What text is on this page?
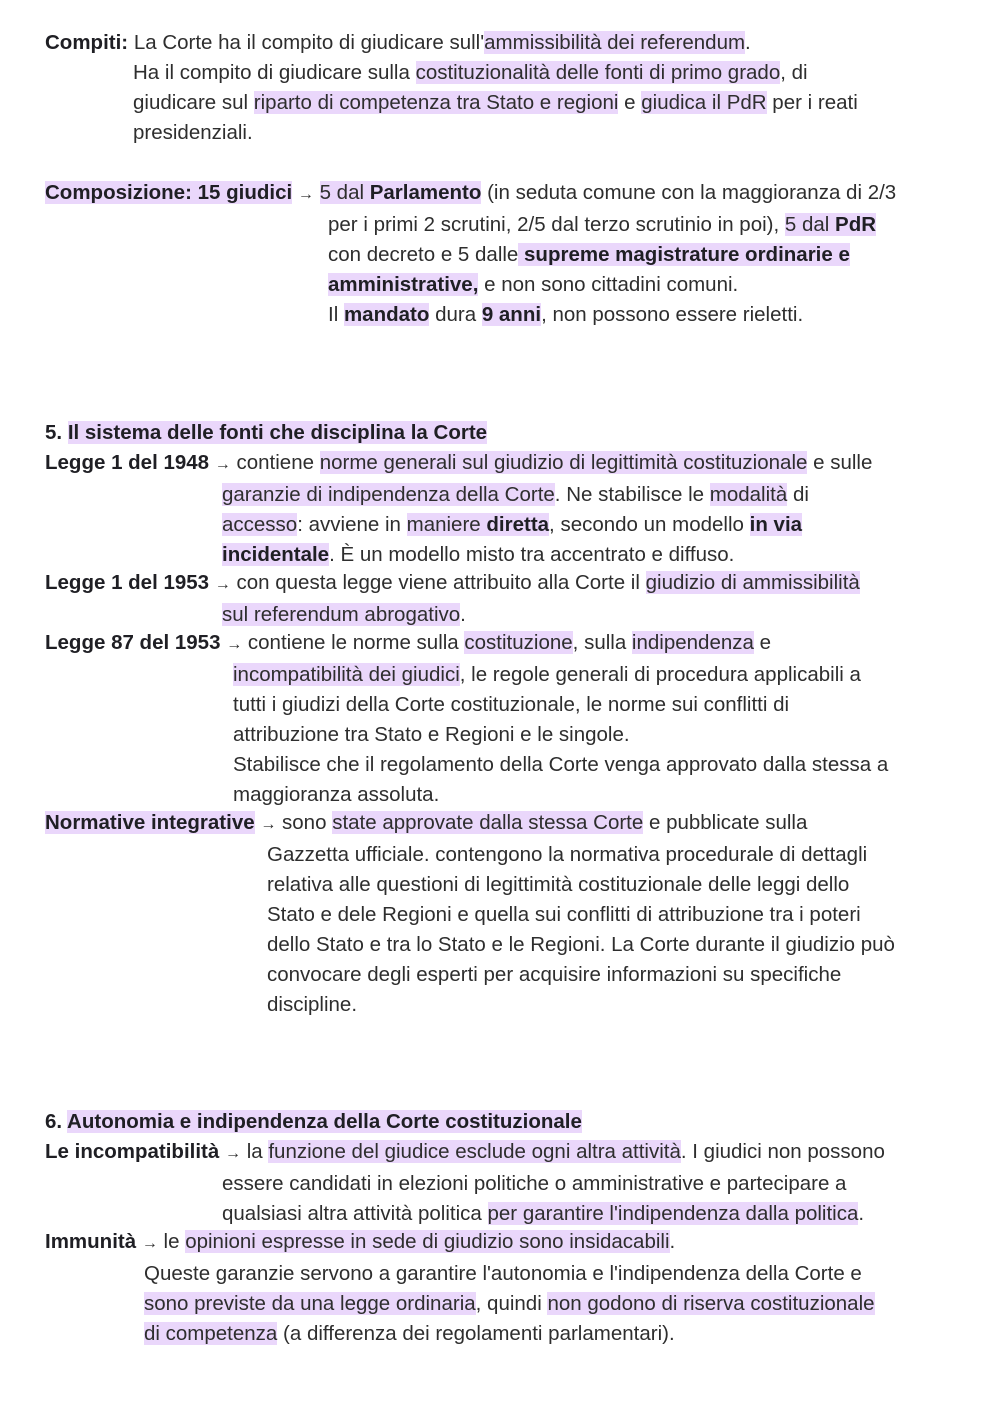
Compiti: La Corte ha il compito di giudicare sull'ammissibilità dei referendum.
Ha il compito di giudicare sulla costituzionalità delle fonti di primo grado, di
giudicare sul riparto di competenza tra Stato e regioni e giudica il PdR per i reati
presidenziali.
Composizione: 15 giudici → 5 dal Parlamento (in seduta comune con la maggioranza di 2/3
per i primi 2 scrutini, 2/5 dal terzo scrutinio in poi), 5 dal PdR
con decreto e 5 dalle supreme magistrature ordinarie e
amministrative, e non sono cittadini comuni.
Il mandato dura 9 anni, non possono essere rieletti.
5. Il sistema delle fonti che disciplina la Corte
Legge 1 del 1948 → contiene norme generali sul giudizio di legittimità costituzionale e sulle
garanzie di indipendenza della Corte. Ne stabilisce le modalità di
accesso: avviene in maniere diretta, secondo un modello in via
incidentale. È un modello misto tra accentrato e diffuso.
Legge 1 del 1953 → con questa legge viene attribuito alla Corte il giudizio di ammissibilità
sul referendum abrogativo.
Legge 87 del 1953 → contiene le norme sulla costituzione, sulla indipendenza e
incompatibilità dei giudici, le regole generali di procedura applicabili a
tutti i giudizi della Corte costituzionale, le norme sui conflitti di
attribuzione tra Stato e Regioni e le singole.
Stabilisce che il regolamento della Corte venga approvato dalla stessa a
maggioranza assoluta.
Normative integrative → sono state approvate dalla stessa Corte e pubblicate sulla
Gazzetta ufficiale. contengono la normativa procedurale di dettagli
relativa alle questioni di legittimità costituzionale delle leggi dello
Stato e dele Regioni e quella sui conflitti di attribuzione tra i poteri
dello Stato e tra lo Stato e le Regioni. La Corte durante il giudizio può
convocare degli esperti per acquisire informazioni su specifiche
discipline.
6. Autonomia e indipendenza della Corte costituzionale
Le incompatibilità → la funzione del giudice esclude ogni altra attività. I giudici non possono
essere candidati in elezioni politiche o amministrative e partecipare a
qualsiasi altra attività politica per garantire l'indipendenza dalla politica.
Immunità → le opinioni espresse in sede di giudizio sono insidacabili.
Queste garanzie servono a garantire l'autonomia e l'indipendenza della Corte e
sono previste da una legge ordinaria, quindi non godono di riserva costituzionale
di competenza (a differenza dei regolamenti parlamentari).
